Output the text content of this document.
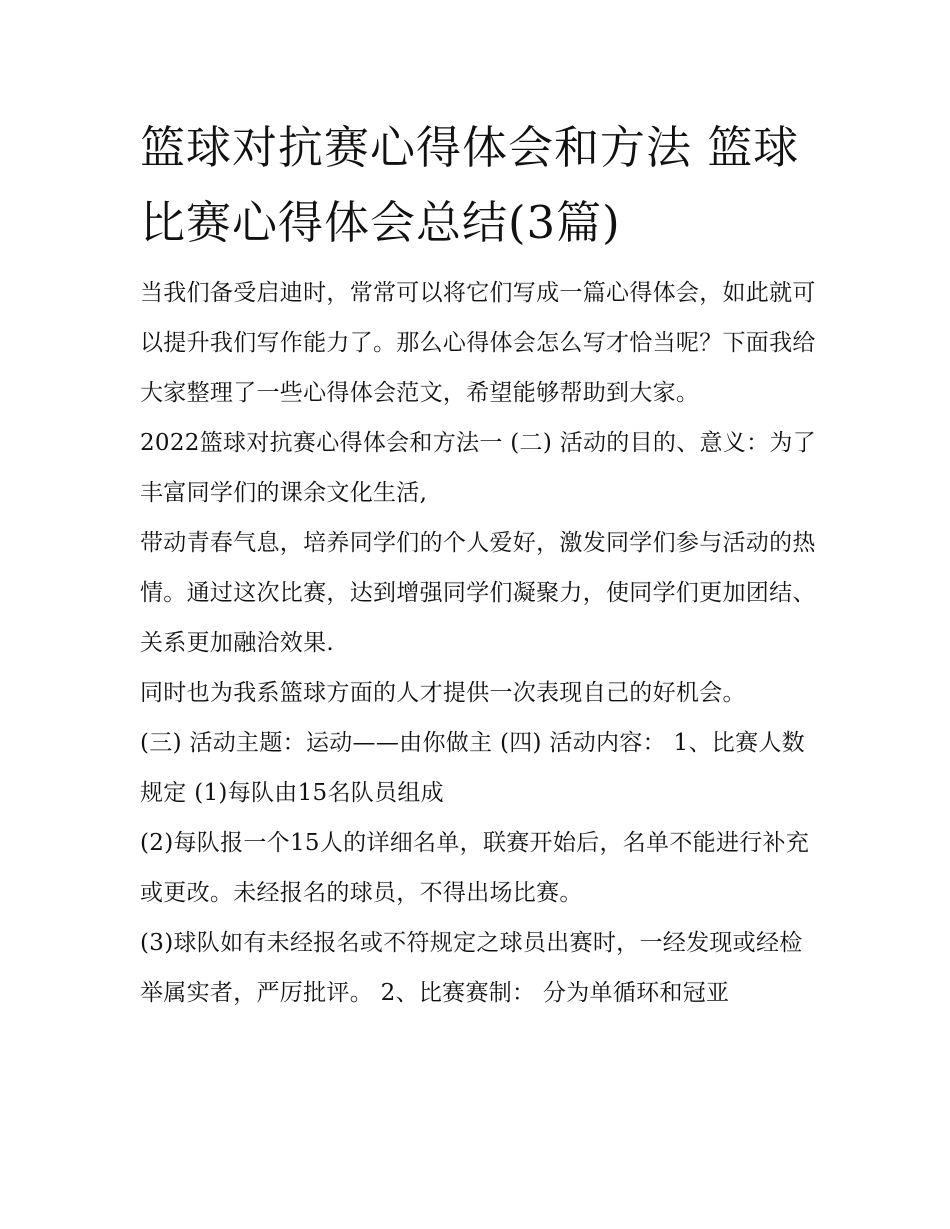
篮球对抗赛心得体会和方法 篮球比赛心得体会总结(3篇)

当我们备受启迪时，常常可以将它们写成一篇心得体会，如此就可以提升我们写作能力了。那么心得体会怎么写才恰当呢？下面我给大家整理了一些心得体会范文，希望能够帮助到大家。

2022篮球对抗赛心得体会和方法一 (二) 活动的目的、意义：为了丰富同学们的课余文化生活,

带动青春气息，培养同学们的个人爱好，激发同学们参与活动的热情。通过这次比赛，达到增强同学们凝聚力，使同学们更加团结、关系更加融洽效果.

同时也为我系篮球方面的人才提供一次表现自己的好机会。

(三) 活动主题：运动——由你做主 (四) 活动内容： 1、比赛人数规定 (1)每队由15名队员组成

(2)每队报一个15人的详细名单，联赛开始后，名单不能进行补充或更改。未经报名的球员，不得出场比赛。

(3)球队如有未经报名或不符规定之球员出赛时，一经发现或经检举属实者，严厉批评。 2、比赛赛制： 分为单循环和冠亚
